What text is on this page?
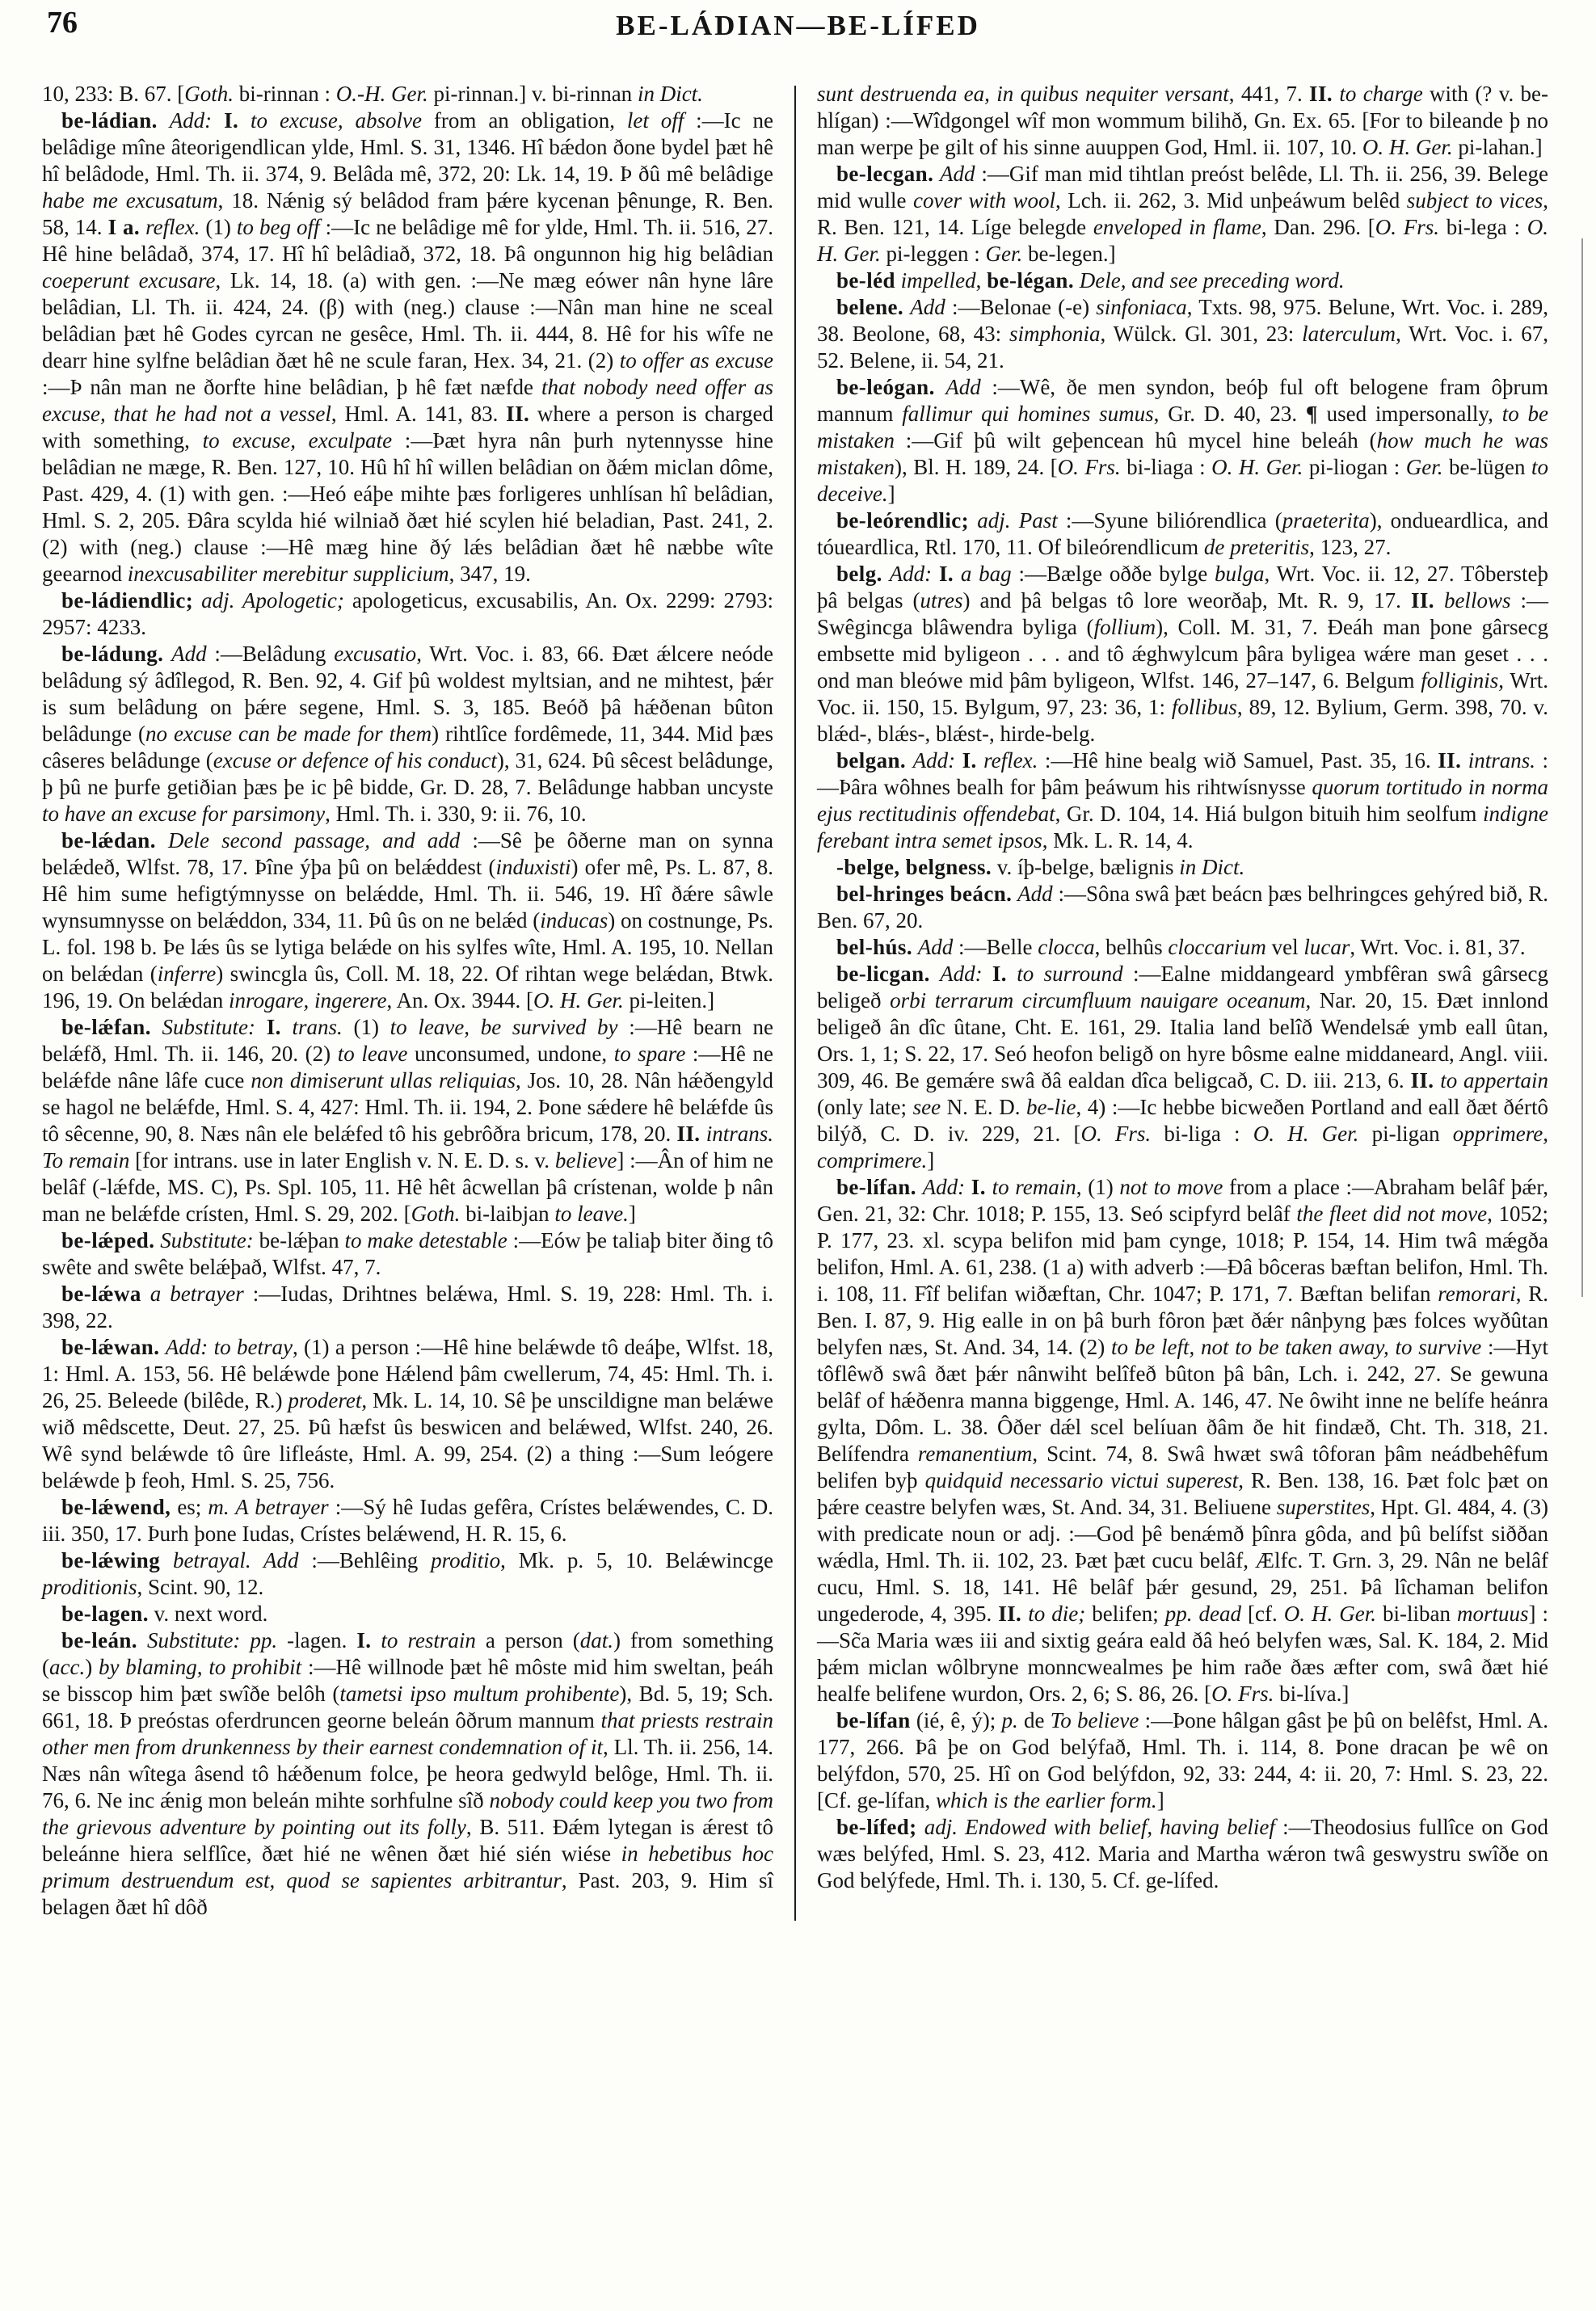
76	BE-LÁDIAN—BE-LÍFED

10, 233: B. 67. [Goth. bi-rinnan : O.-H. Ger. pi-rinnan.] v. bi-rinnan in Dict.

be-ládian. Add: I. to excuse, absolve from an obligation, let off :—Ic ne belâdige mîne âteorigendlican ylde, Hml. S. 31, 1346. Hî bǽdon ðone bydel þæt hê hî belâdode, Hml. Th. ii. 374, 9. Belâda mê, 372, 20: Lk. 14, 19. Þ ðû mê belâdige habe me excusatum, 18. Nǽnig sý belâdod fram þǽre kycenan þênunge, R. Ben. 58, 14. I a. reflex. (1) to beg off :—Ic ne belâdige mê for ylde, Hml. Th. ii. 516, 27. Hê hine belâdað, 374, 17. Hî hî belâdiað, 372, 18. Þâ ongunnon hig hig belâdian coeperunt excusare, Lk. 14, 18. (a) with gen. :—Ne mæg eówer nân hyne lâre belâdian, Ll. Th. ii. 424, 24. (β) with (neg.) clause :—Nân man hine ne sceal belâdian þæt hê Godes cyrcan ne gesêce, Hml. Th. ii. 444, 8. Hê for his wîfe ne dearr hine sylfne belâdian ðæt hê ne scule faran, Hex. 34, 21. (2) to offer as excuse :—Þ nân man ne ðorfte hine belâdian, þ hê fæt næfde that nobody need offer as excuse, that he had not a vessel, Hml. A. 141, 83. II. where a person is charged with something, to excuse, exculpate :—Þæt hyra nân þurh nytennysse hine belâdian ne mæge, R. Ben. 127, 10. Hû hî hî willen belâdian on ðǽm miclan dôme, Past. 429, 4. (1) with gen. :—Heó eáþe mihte þæs forligeres unhlísan hî belâdian, Hml. S. 2, 205. Ðâra scylda hié wilniað ðæt hié scylen hié beladian, Past. 241, 2. (2) with (neg.) clause :—Hê mæg hine ðý lǽs belâdian ðæt hê næbbe wîte geearnod inexcusabiliter merebitur supplicium, 347, 19.

be-ládiendlic; adj. Apologetic; apologeticus, excusabilis, An. Ox. 2299: 2793: 2957: 4233.

be-ládung. Add :—Belâdung excusatio, Wrt. Voc. i. 83, 66. Ðæt ǽlcere neóde belâdung sý âdîlegod, R. Ben. 92, 4. Gif þû woldest myltsian, and ne mihtest, þǽr is sum belâdung on þǽre segene, Hml. S. 3, 185. Beóð þâ hǽðenan bûton belâdunge (no excuse can be made for them) rihtlîce fordêmede, 11, 344. Mid þæs câseres belâdunge (excuse or defence of his conduct), 31, 624. Þû sêcest belâdunge, þ þû ne þurfe getiðian þæs þe ic þê bidde, Gr. D. 28, 7. Belâdunge habban uncyste to have an excuse for parsimony, Hml. Th. i. 330, 9: ii. 76, 10.

be-lǽdan. Dele second passage, and add :—Sê þe ôðerne man on synna belǽdeð, Wlfst. 78, 17. Þîne ýþa þû on belǽddest (induxisti) ofer mê, Ps. L. 87, 8. Hê him sume hefigtýmnysse on belǽdde, Hml. Th. ii. 546, 19. Hî ðǽre sâwle wynsumnysse on belǽddon, 334, 11. Þû ûs on ne belǽd (inducas) on costnunge, Ps. L. fol. 198 b. Þe lǽs ûs se lytiga belǽde on his sylfes wîte, Hml. A. 195, 10. Nellan on belǽdan (inferre) swincgla ûs, Coll. M. 18, 22. Of rihtan wege belǽdan, Btwk. 196, 19. On belǽdan inrogare, ingerere, An. Ox. 3944. [O. H. Ger. pi-leiten.]

be-lǽfan. Substitute: I. trans. (1) to leave, be survived by :—Hê bearn ne belǽfð, Hml. Th. ii. 146, 20. (2) to leave unconsumed, undone, to spare :—Hê ne belǽfde nâne lâfe cuce non dimiserunt ullas reliquias, Jos. 10, 28. Nân hǽðengyld se hagol ne belǽfde, Hml. S. 4, 427: Hml. Th. ii. 194, 2. Þone sǽdere hê belǽfde ûs tô sêcenne, 90, 8. Næs nân ele belǽfed tô his gebrôðra bricum, 178, 20. II. intrans. To remain [for intrans. use in later English v. N. E. D. s. v. believe] :—Ân of him ne belâf (-lǽfde, MS. C), Ps. Spl. 105, 11. Hê hêt âcwellan þâ crístenan, wolde þ nân man ne belǽfde crísten, Hml. S. 29, 202. [Goth. bi-laibjan to leave.]

be-lǽped. Substitute: be-lǽþan to make detestable :—Eów þe taliaþ biter ðing tô swête and swête belǽþað, Wlfst. 47, 7.

be-lǽwa a betrayer :—Iudas, Drihtnes belǽwa, Hml. S. 19, 228: Hml. Th. i. 398, 22.

be-lǽwan. Add: to betray, (1) a person :—Hê hine belǽwde tô deáþe, Wlfst. 18, 1: Hml. A. 153, 56. Hê belǽwde þone Hǽlend þâm cwellerum, 74, 45: Hml. Th. i. 26, 25. Beleede (bilêde, R.) proderet, Mk. L. 14, 10. Sê þe unscildigne man belǽwe wið mêdscette, Deut. 27, 25. Þû hæfst ûs beswicen and belǽwed, Wlfst. 240, 26. Wê synd belǽwde tô ûre lifleáste, Hml. A. 99, 254. (2) a thing :—Sum leógere belǽwde þ feoh, Hml. S. 25, 756.

be-lǽwend, es; m. A betrayer :—Sý hê Iudas gefêra, Crístes belǽwendes, C. D. iii. 350, 17. Þurh þone Iudas, Crístes belǽwend, H. R. 15, 6.

be-lǽwing betrayal. Add :—Behlêing proditio, Mk. p. 5, 10. Belǽwincge proditionis, Scint. 90, 12.

be-lagen. v. next word.

be-leán. Substitute: pp. -lagen. I. to restrain a person (dat.) from something (acc.) by blaming, to prohibit :—Hê willnode þæt hê môste mid him sweltan, þeáh se bisscop him þæt swîðe belôh (tametsi ipso multum prohibente), Bd. 5, 19; Sch. 661, 18. Þ preóstas oferdruncen georne beleán ôðrum mannum that priests restrain other men from drunkenness by their earnest condemnation of it, Ll. Th. ii. 256, 14. Næs nân wîtega âsend tô hǽðenum folce, þe heora gedwyld belôge, Hml. Th. ii. 76, 6. Ne inc ǽnig mon beleán mihte sorhfulne sîð nobody could keep you two from the grievous adventure by pointing out its folly, B. 511. Ðǽm lytegan is ǽrest tô beleánne hiera selflîce, ðæt hié ne wênen ðæt hié sién wiése in hebetibus hoc primum destruendum est, quod se sapientes arbitrantur, Past. 203, 9. Him sî belagen ðæt hî dôð

sunt destruenda ea, in quibus nequiter versant, 441, 7. II. to charge with (? v. be-hlígan) :—Wîdgongel wîf mon wommum bilihð, Gn. Ex. 65. [For to bileande þ no man werpe þe gilt of his sinne auuppen God, Hml. ii. 107, 10. O. H. Ger. pi-lahan.]

be-lecgan. Add :—Gif man mid tihtlan preóst belêde, Ll. Th. ii. 256, 39. Belege mid wulle cover with wool, Lch. ii. 262, 3. Mid unþeáwum belêd subject to vices, R. Ben. 121, 14. Líge belegde enveloped in flame, Dan. 296. [O. Frs. bi-lega : O. H. Ger. pi-leggen : Ger. be-legen.]

be-léd impelled, be-légan. Dele, and see preceding word.

belene. Add :—Belonae (-e) sinfoniaca, Txts. 98, 975. Belune, Wrt. Voc. i. 289, 38. Beolone, 68, 43: simphonia, Wülck. Gl. 301, 23: laterculum, Wrt. Voc. i. 67, 52. Belene, ii. 54, 21.

be-leógan. Add :—Wê, ðe men syndon, beóþ ful oft belogene fram ôþrum mannum fallimur qui homines sumus, Gr. D. 40, 23. ¶ used impersonally, to be mistaken :—Gif þû wilt geþencean hû mycel hine beleáh (how much he was mistaken), Bl. H. 189, 24. [O. Frs. bi-liaga : O. H. Ger. pi-liogan : Ger. be-lügen to deceive.]

be-leórendlic; adj. Past :—Syune biliórendlica (praeterita), ondueardlica, and tóueardlica, Rtl. 170, 11. Of bileórendlicum de preteritis, 123, 27.

belg. Add: I. a bag :—Bælge oððe bylge bulga, Wrt. Voc. ii. 12, 27. Tôbersteþ þâ belgas (utres) and þâ belgas tô lore weorðaþ, Mt. R. 9, 17. II. bellows :—Swêgincga blâwendra byliga (follium), Coll. M. 31, 7. Ðeáh man þone gârsecg embsette mid byligeon . . . and tô ǽghwylcum þâra byligea wǽre man geset . . . ond man bleówe mid þâm byligeon, Wlfst. 146, 27–147, 6. Belgum folliginis, Wrt. Voc. ii. 150, 15. Bylgum, 97, 23: 36, 1: follibus, 89, 12. Bylium, Germ. 398, 70. v. blǽd-, blǽs-, blǽst-, hirde-belg.

belgan. Add: I. reflex. :—Hê hine bealg wið Samuel, Past. 35, 16. II. intrans. :—Þâra wôhnes bealh for þâm þeáwum his rihtwísnysse quorum tortitudo in norma ejus rectitudinis offendebat, Gr. D. 104, 14. Hiá bulgon bituih him seolfum indigne ferebant intra semet ipsos, Mk. L. R. 14, 4.

-belge, belgness. v. íþ-belge, bælignis in Dict.

bel-hringes beácn. Add :—Sôna swâ þæt beácn þæs belhringces gehýred bið, R. Ben. 67, 20.

bel-hús. Add :—Belle clocca, belhûs cloccarium vel lucar, Wrt. Voc. i. 81, 37.

be-licgan. Add: I. to surround :—Ealne middangeard ymbfêran swâ gârsecg beligeð orbi terrarum circumfluum nauigare oceanum, Nar. 20, 15. Ðæt innlond beligeð ân dîc ûtane, Cht. E. 161, 29. Italia land belîð Wendelsǽ ymb eall ûtan, Ors. 1, 1; S. 22, 17. Seó heofon beligð on hyre bôsme ealne middaneard, Angl. viii. 309, 46. Be gemǽre swâ ðâ ealdan dîca beligcað, C. D. iii. 213, 6. II. to appertain (only late; see N. E. D. be-lie, 4) :—Ic hebbe bicweðen Portland and eall ðæt ðértô bilýð, C. D. iv. 229, 21. [O. Frs. bi-liga : O. H. Ger. pi-ligan opprimere, comprimere.]

be-lífan. Add: I. to remain, (1) not to move from a place :—Abraham belâf þǽr, Gen. 21, 32: Chr. 1018; P. 155, 13. Seó scipfyrd belâf the fleet did not move, 1052; P. 177, 23. xl. scypa belifon mid þam cynge, 1018; P. 154, 14. Him twâ mǽgða belifon, Hml. A. 61, 238. (1 a) with adverb :—Ðâ bôceras bæftan belifon, Hml. Th. i. 108, 11. Fîf belifan wiðæftan, Chr. 1047; P. 171, 7. Bæftan belifan remorari, R. Ben. I. 87, 9. Hig ealle in on þâ burh fôron þæt ðǽr nânþyng þæs folces wyðûtan belyfen næs, St. And. 34, 14. (2) to be left, not to be taken away, to survive :—Hyt tôflêwð swâ ðæt þǽr nânwiht belîfeð bûton þâ bân, Lch. i. 242, 27. Se gewuna belâf of hǽðenra manna biggenge, Hml. A. 146, 47. Ne ôwiht inne ne belífe heánra gylta, Dôm. L. 38. Ôðer dǽl scel belíuan ðâm ðe hit findæð, Cht. Th. 318, 21. Belífendra remanentium, Scint. 74, 8. Swâ hwæt swâ tôforan þâm neádbehêfum belifen byþ quidquid necessario victui superest, R. Ben. 138, 16. Þæt folc þæt on þǽre ceastre belyfen wæs, St. And. 34, 31. Beliuene superstites, Hpt. Gl. 484, 4. (3) with predicate noun or adj. :—God þê benǽmð þînra gôda, and þû belífst siððan wǽdla, Hml. Th. ii. 102, 23. Þæt þæt cucu belâf, Ælfc. T. Grn. 3, 29. Nân ne belâf cucu, Hml. S. 18, 141. Hê belâf þǽr gesund, 29, 251. Þâ lîchaman belifon ungederode, 4, 395. II. to die; belifen; pp. dead [cf. O. H. Ger. bi-liban mortuus] :—Sc̃a Maria wæs iii and sixtig geára eald ðâ heó belyfen wæs, Sal. K. 184, 2. Mid þǽm miclan wôlbryne monncwealmes þe him raðe ðæs æfter com, swâ ðæt hié healfe belifene wurdon, Ors. 2, 6; S. 86, 26. [O. Frs. bi-líva.]

be-lífan (ié, ê, ý); p. de To believe :—Þone hâlgan gâst þe þû on belêfst, Hml. A. 177, 266. Þâ þe on God belýfað, Hml. Th. i. 114, 8. Þone dracan þe wê on belýfdon, 570, 25. Hî on God belýfdon, 92, 33: 244, 4: ii. 20, 7: Hml. S. 23, 22. [Cf. ge-lífan, which is the earlier form.]

be-lífed; adj. Endowed with belief, having belief :—Theodosius fullîce on God wæs belýfed, Hml. S. 23, 412. Maria and Martha wǽron twâ geswystru swîðe on God belýfede, Hml. Th. i. 130, 5. Cf. ge-lífed.
